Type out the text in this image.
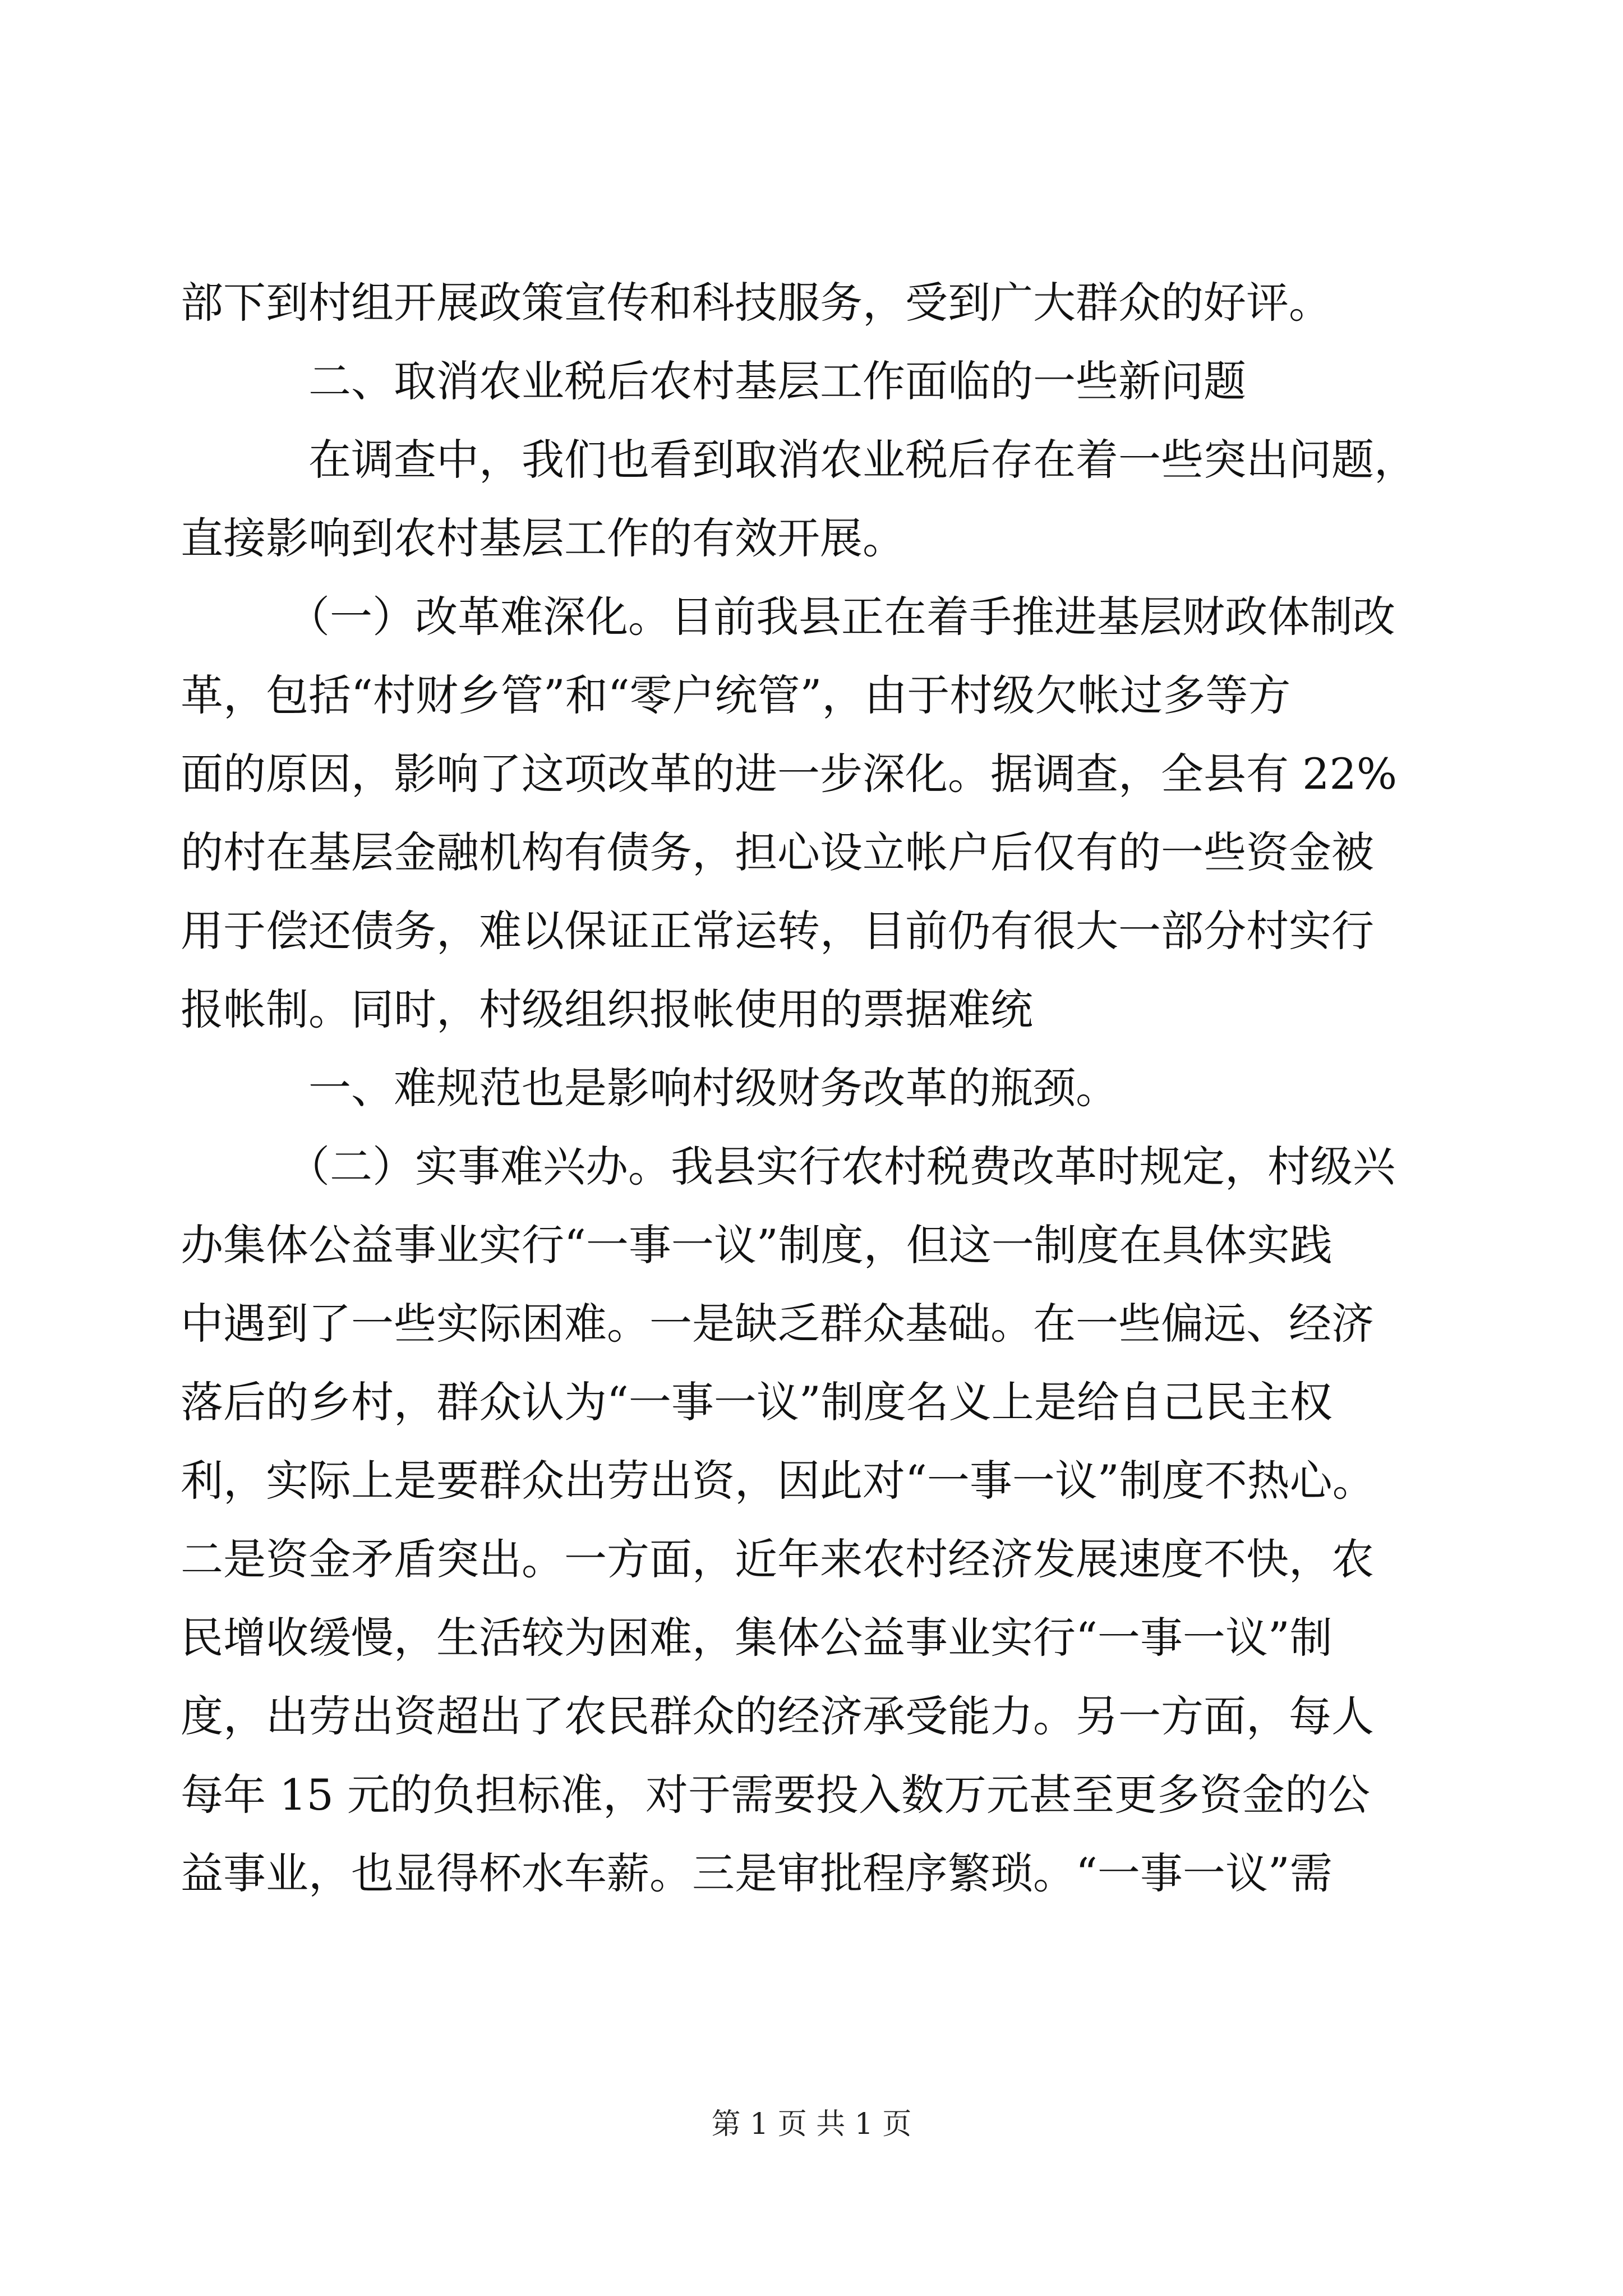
部下到村组开展政策宣传和科技服务，受到广大群众的好评。
二、取消农业税后农村基层工作面临的一些新问题
在调查中，我们也看到取消农业税后存在着一些突出问题，
直接影响到农村基层工作的有效开展。
（一）改革难深化。目前我县正在着手推进基层财政体制改
革，包括“村财乡管”和“零户统管”，由于村级欠帐过多等方
面的原因，影响了这项改革的进一步深化。据调查，全县有 22%
的村在基层金融机构有债务，担心设立帐户后仅有的一些资金被
用于偿还债务，难以保证正常运转，目前仍有很大一部分村实行
报帐制。同时，村级组织报帐使用的票据难统
一、难规范也是影响村级财务改革的瓶颈。
（二）实事难兴办。我县实行农村税费改革时规定，村级兴
办集体公益事业实行“一事一议”制度，但这一制度在具体实践
中遇到了一些实际困难。一是缺乏群众基础。在一些偏远、经济
落后的乡村，群众认为“一事一议”制度名义上是给自己民主权
利，实际上是要群众出劳出资，因此对“一事一议”制度不热心。
二是资金矛盾突出。一方面，近年来农村经济发展速度不快，农
民增收缓慢，生活较为困难，集体公益事业实行“一事一议”制
度，出劳出资超出了农民群众的经济承受能力。另一方面，每人
每年 15 元的负担标准，对于需要投入数万元甚至更多资金的公
益事业，也显得杯水车薪。三是审批程序繁琐。“一事一议”需
第 1 页 共 1 页
